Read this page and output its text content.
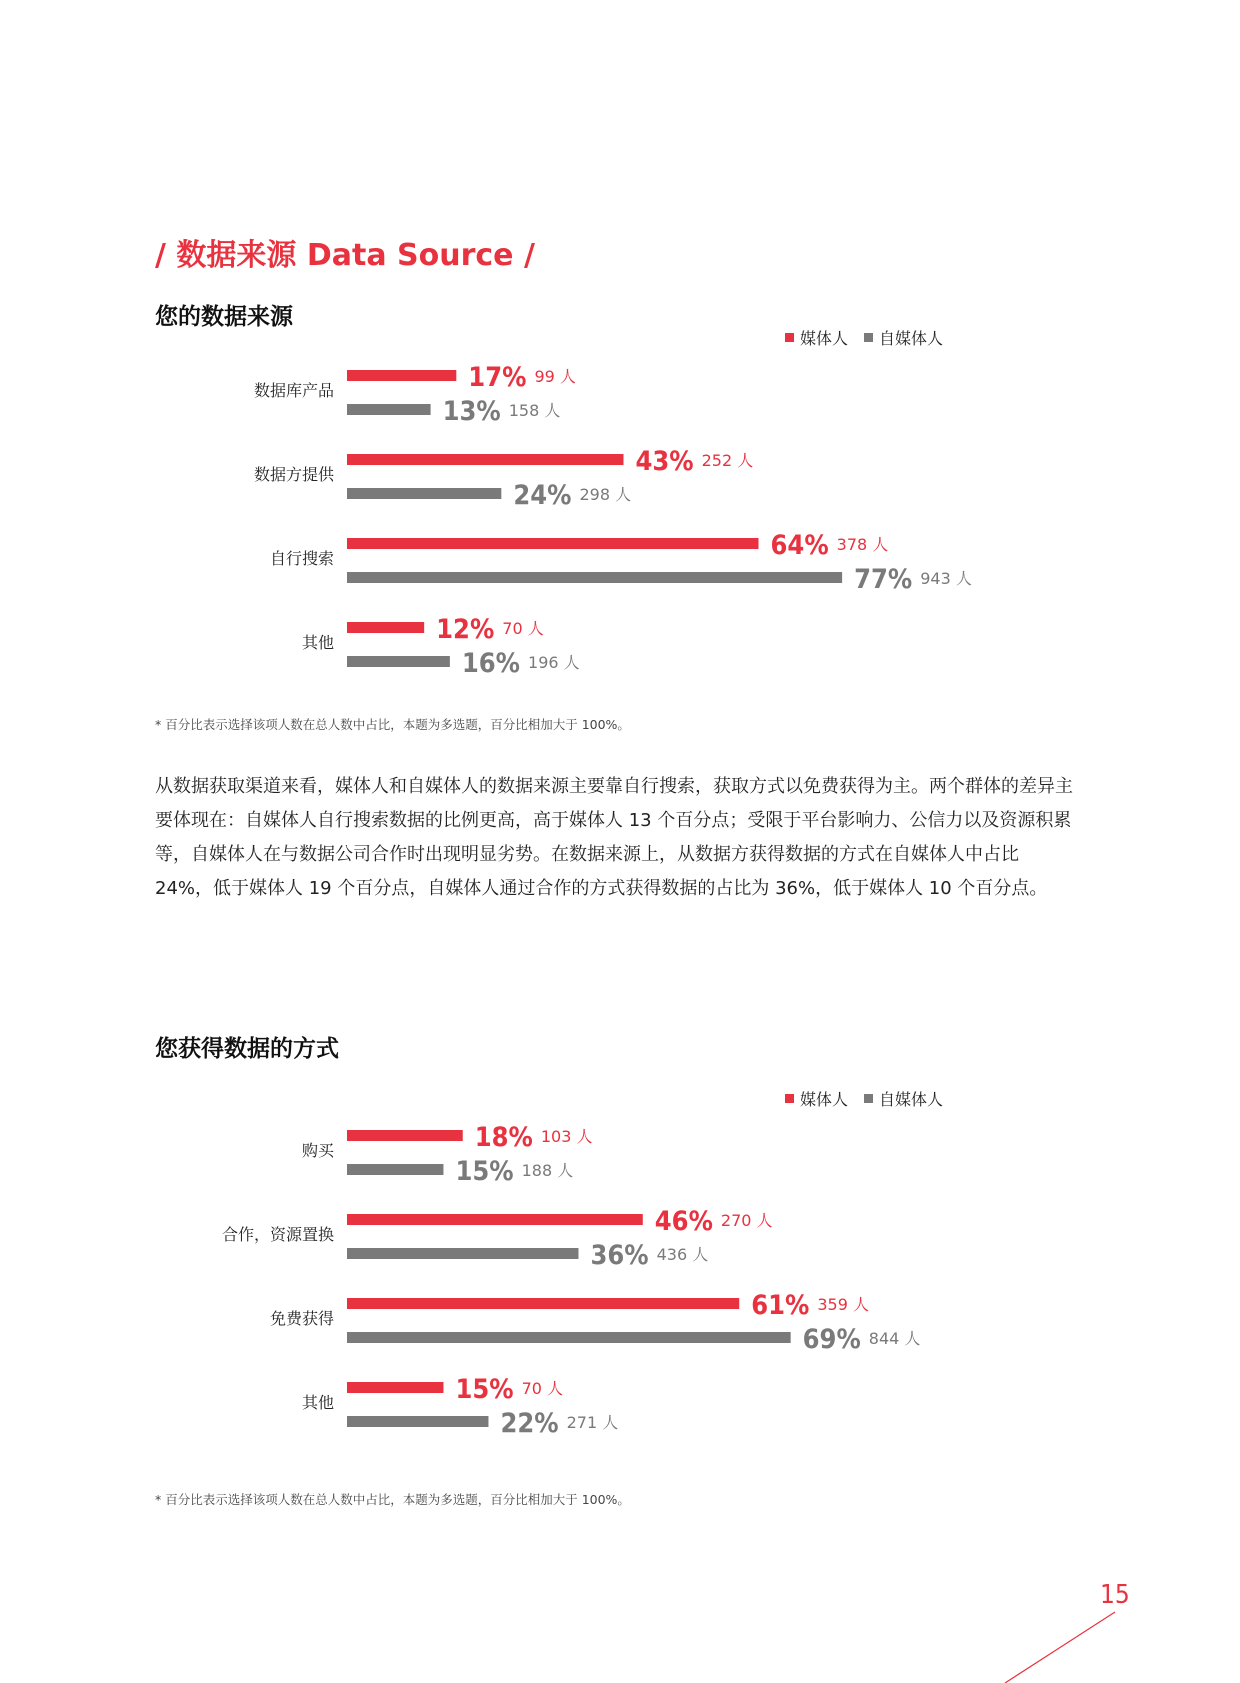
/ 数据来源 Data Source /
您的数据来源
媒体人 自媒体人
数据库产品	17% 99 人
13% 158 人
数据方提供	43% 252 人
24% 298 人
自行搜索	64% 378 人
77% 943 人
其他	12% 70 人
16% 196 人

* 百分比表示选择该项人数在总人数中占比，本题为多选题，百分比相加大于 100%。

从数据获取渠道来看，媒体人和自媒体人的数据来源主要靠自行搜索，获取方式以免费获得为主。两个群体的差异主要体现在：自媒体人自行搜索数据的比例更高，高于媒体人 13 个百分点；受限于平台影响力、公信力以及资源积累等，自媒体人在与数据公司合作时出现明显劣势。在数据来源上，从数据方获得数据的方式在自媒体人中占比 24%，低于媒体人 19 个百分点，自媒体人通过合作的方式获得数据的占比为 36%，低于媒体人 10 个百分点。

您获得数据的方式
媒体人 自媒体人
购买	18% 103 人
15% 188 人
合作，资源置换	46% 270 人
36% 436 人
免费获得	61% 359 人
69% 844 人
其他	15% 70 人
22% 271 人

* 百分比表示选择该项人数在总人数中占比，本题为多选题，百分比相加大于 100%。

15
